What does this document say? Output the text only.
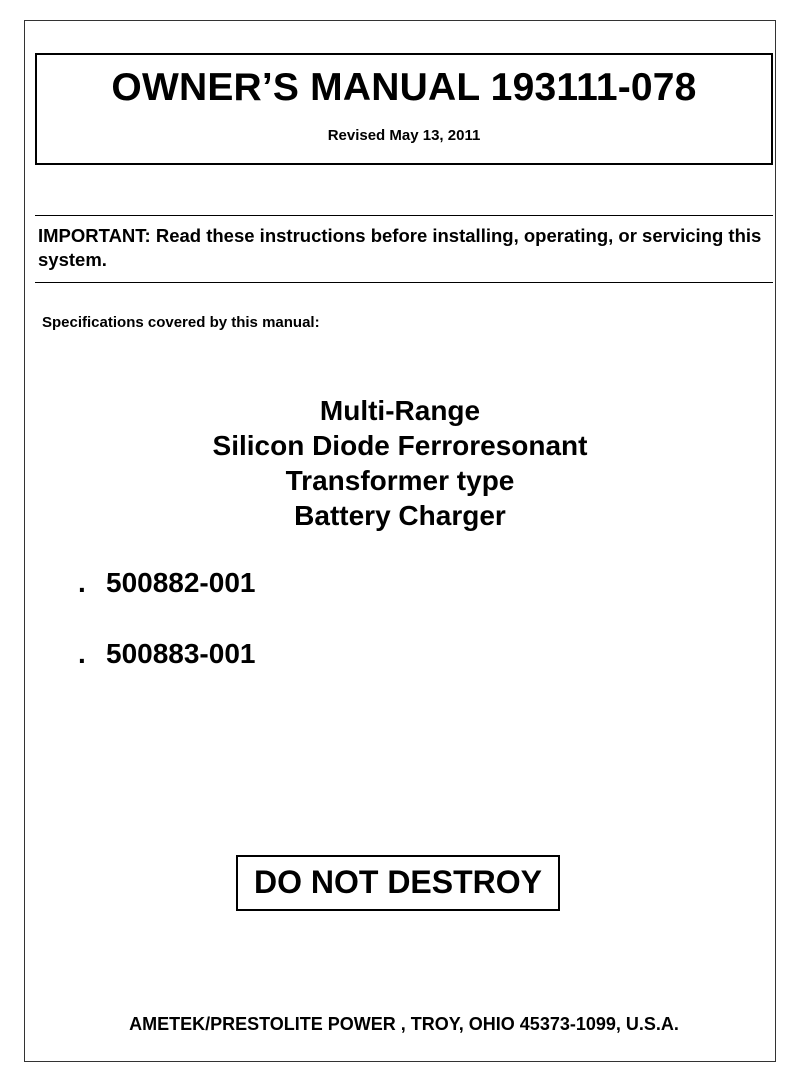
OWNER’S MANUAL 193111-078
Revised May 13, 2011
IMPORTANT: Read these instructions before installing, operating, or servicing this system.
Specifications covered by this manual:
Multi-Range
Silicon Diode Ferroresonant
Transformer type
Battery Charger
. 500882-001
. 500883-001
DO NOT DESTROY
AMETEK/PRESTOLITE POWER , TROY, OHIO 45373-1099, U.S.A.
